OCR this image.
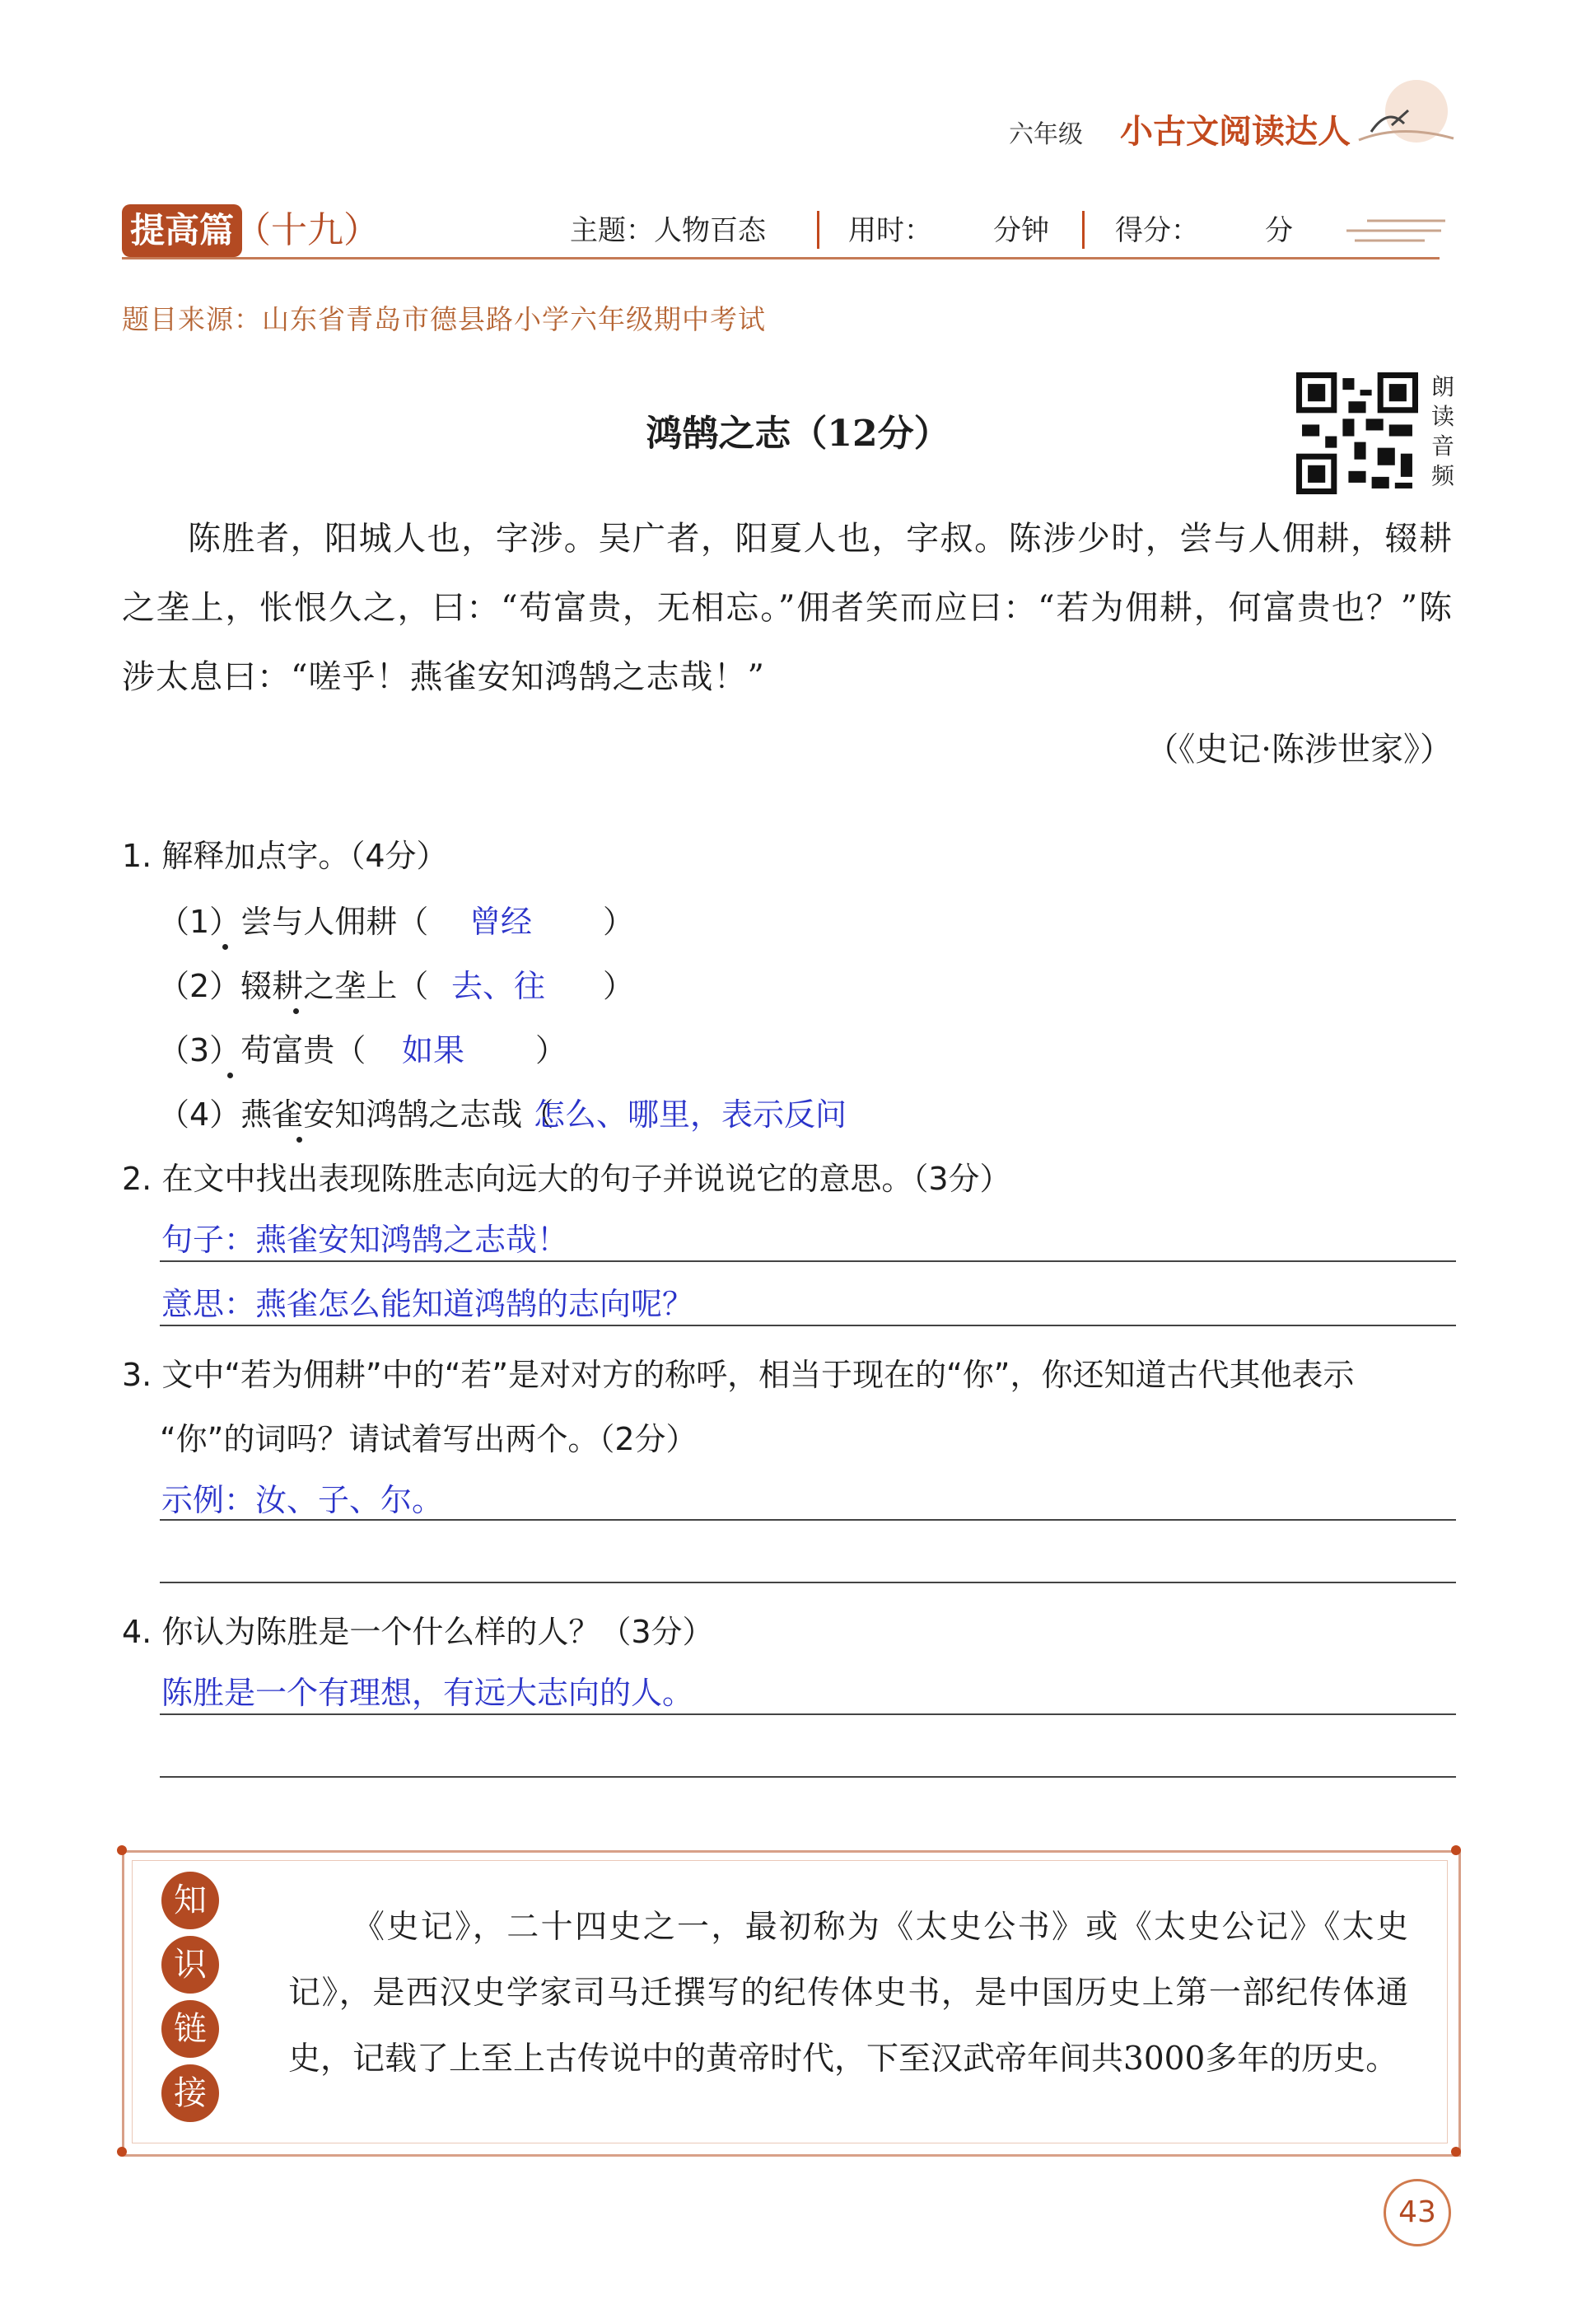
六年级 小古文阅读达人
提高篇 （十九）	主题：人物百态	用时： 分钟 得分： 分
题目来源：山东省青岛市德县路小学六年级期中考试
鸿鹄之志（12分）
朗
读
音
频

陈胜者，阳城人也，字涉。吴广者，阳夏人也，字叔。陈涉少时，尝与人佣耕，辍耕之垄上，怅恨久之，曰：“苟富贵，无相忘。”佣者笑而应曰：“若为佣耕，何富贵也？”陈涉太息曰：“嗟乎！燕雀安知鸿鹄之志哉！”

（《史记·陈涉世家》）
1. 解释加点字。（4分）
（1）尝与人佣耕（ 曾经 ）
（2）辍耕之垄上（ 去、往 ）
（3）苟富贵（ 如果 ）
（4）燕雀安知鸿鹄之志哉（
怎么、哪里，表示反问
2. 在文中找出表现陈胜志向远大的句子并说说它的意思。（3分）
句子：燕雀安知鸿鹄之志哉！
意思：燕雀怎么能知道鸿鹄的志向呢？
3. 文中“若为佣耕”中的“若”是对对方的称呼，相当于现在的“你”，你还知道古代其他表示
“你”的词吗？请试着写出两个。（2分）
示例：汝、子、尔。
4. 你认为陈胜是一个什么样的人？（3分）
陈胜是一个有理想，有远大志向的人。
知
识
链
接

《史记》，二十四史之一，最初称为《太史公书》或《太史公记》《太史记》，是西汉史学家司马迁撰写的纪传体史书，是中国历史上第一部纪传体通史，记载了上至上古传说中的黄帝时代，下至汉武帝年间共3000多年的历史。

43
